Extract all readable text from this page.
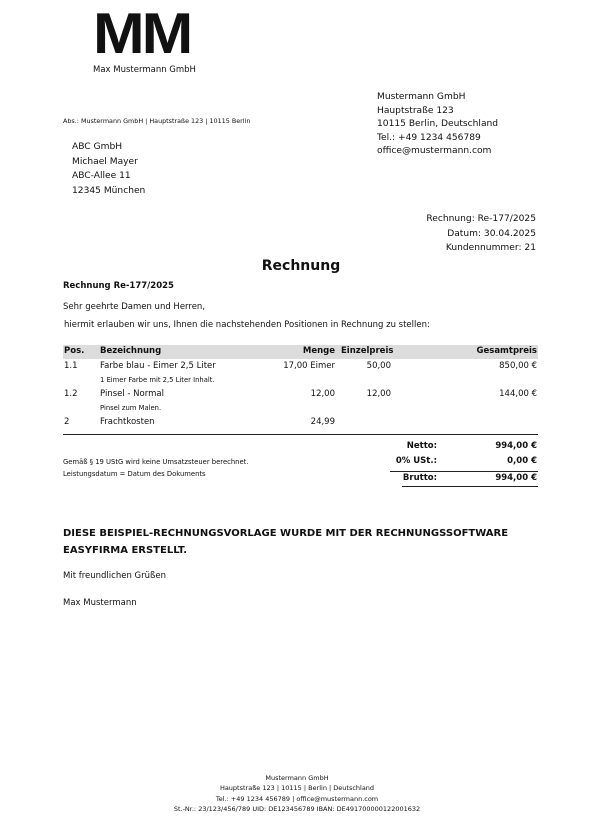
MM
Max Mustermann GmbH
Abs.: Mustermann GmbH | Hauptstraße 123 | 10115 Berlin
Mustermann GmbH
Hauptstraße 123
10115 Berlin, Deutschland
Tel.: +49 1234 456789
office@mustermann.com
ABC GmbH
Michael Mayer
ABC-Allee 11
12345 München
Rechnung: Re-177/2025
Datum: 30.04.2025
Kundennummer: 21
Rechnung
Rechnung Re-177/2025
Sehr geehrte Damen und Herren,
hiermit erlauben wir uns, Ihnen die nachstehenden Positionen in Rechnung zu stellen:
Pos. Bezeichnung	Menge Einzelpreis	Gesamtpreis
1.1	Farbe blau - Eimer 2,5 Liter	17,00 Eimer	50,00	850,00 €
1 Eimer Farbe mit 2,5 Liter Inhalt.
1.2	Pinsel - Normal	12,00	12,00	144,00 €
Pinsel zum Malen.
2	Frachtkosten	24,99
Gemäß § 19 UStG wird keine Umsatzsteuer berechnet.
Leistungsdatum = Datum des Dokuments
Netto:	994,00 €
0% USt.:	0,00 €
Brutto:	994,00 €
DIESE BEISPIEL-RECHNUNGSVORLAGE WURDE MIT DER RECHNUNGSSOFTWARE EASYFIRMA ERSTELLT.
Mit freundlichen Grüßen
Max Mustermann
Mustermann GmbH
Hauptstraße 123 | 10115 | Berlin | Deutschland
Tel.: +49 1234 456789 | office@mustermann.com
St.-Nr.: 23/123/456/789 UID: DE123456789 IBAN: DE491700000122001632
